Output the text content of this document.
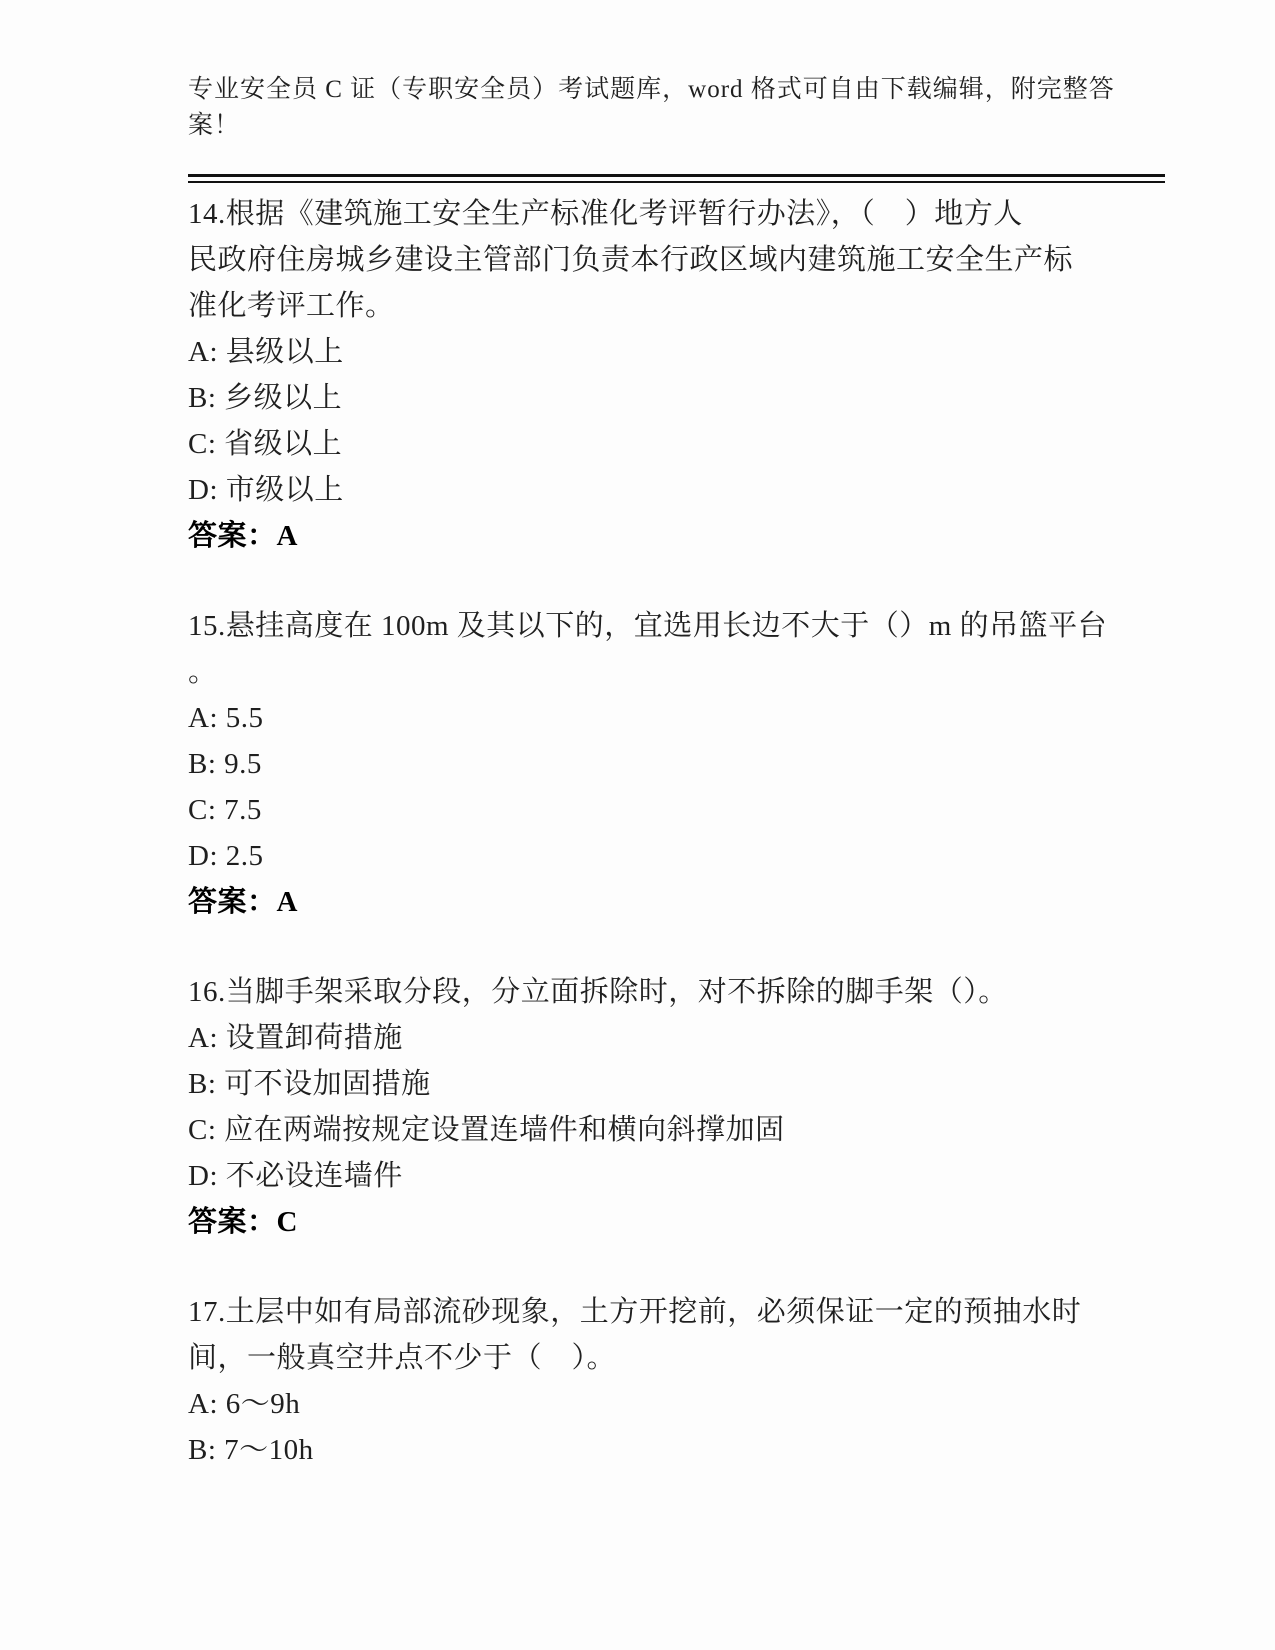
专业安全员 C 证（专职安全员）考试题库，word 格式可自由下载编辑，附完整答
案！
14.根据《建筑施工安全生产标准化考评暂行办法》，（　）地方人
民政府住房城乡建设主管部门负责本行政区域内建筑施工安全生产标
准化考评工作。
A: 县级以上
B: 乡级以上
C: 省级以上
D: 市级以上
答案：A
15.悬挂高度在 100m 及其以下的，宜选用长边不大于（）m 的吊篮平台
。
A: 5.5
B: 9.5
C: 7.5
D: 2.5
答案：A
16.当脚手架采取分段，分立面拆除时，对不拆除的脚手架（）。
A: 设置卸荷措施
B: 可不设加固措施
C: 应在两端按规定设置连墙件和横向斜撑加固
D: 不必设连墙件
答案：C
17.土层中如有局部流砂现象，土方开挖前，必须保证一定的预抽水时
间，一般真空井点不少于（　）。
A: 6～9h
B: 7～10h
